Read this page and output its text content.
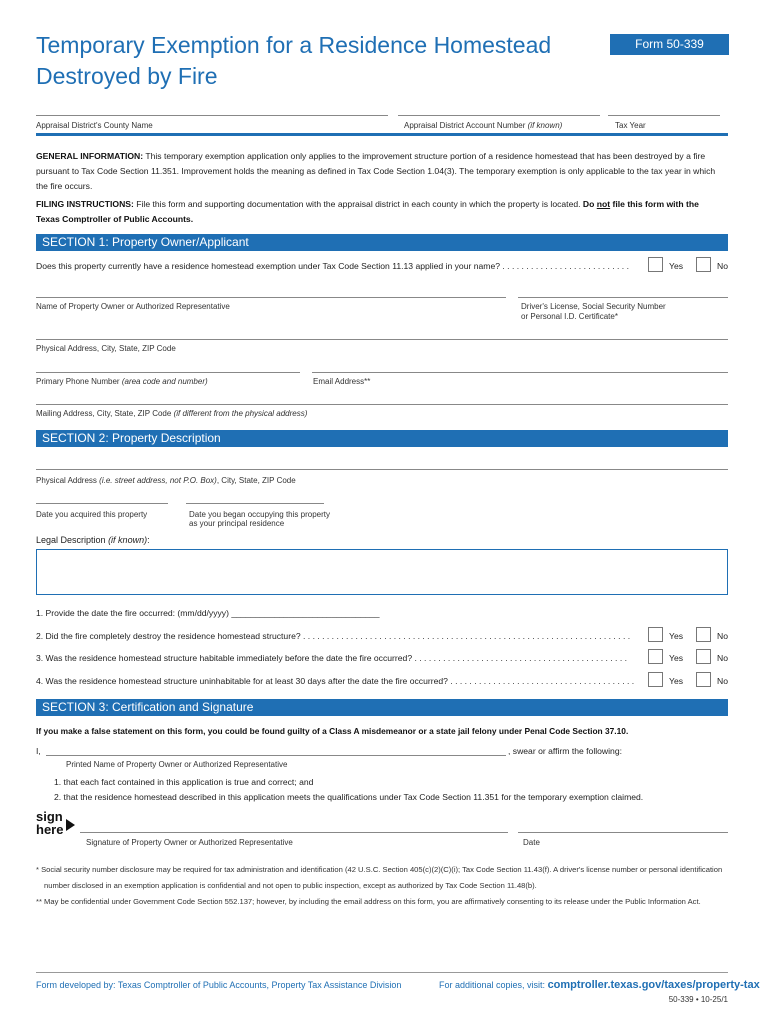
Temporary Exemption for a Residence Homestead
Destroyed by Fire
Form 50-339
Appraisal District's County Name	Appraisal District Account Number (if known)	Tax Year
GENERAL INFORMATION: This temporary exemption application only applies to the improvement structure portion of a residence homestead that has been destroyed by a fire
pursuant to Tax Code Section 11.351. Improvement holds the meaning as defined in Tax Code Section 1.04(3). The temporary exemption is only applicable to the tax year in which
the fire occurs.
FILING INSTRUCTIONS: File this form and supporting documentation with the appraisal district in each county in which the property is located. Do not file this form with the
Texas Comptroller of Public Accounts.
SECTION 1: Property Owner/Applicant
Does this property currently have a residence homestead exemption under Tax Code Section 11.13 applied in your name? . . . . . . . . . . . . . . . . . . . . . . . . . . .	Yes	No
Name of Property Owner or Authorized Representative	Driver's License, Social Security Number
or Personal I.D. Certificate*
Physical Address, City, State, ZIP Code
Primary Phone Number (area code and number)	Email Address**
Mailing Address, City, State, ZIP Code (if different from the physical address)
SECTION 2: Property Description
Physical Address (i.e. street address, not P.O. Box), City, State, ZIP Code
Date you acquired this property	Date you began occupying this property
as your principal residence
Legal Description (if known):
1. Provide the date the fire occurred: (mm/dd/yyyy) _______________________________
2. Did the fire completely destroy the residence homestead structure? . . . . . . . . . . . . . . . . . . . . . . . . . . . . . . . . . . . . . . . . . . . . . . . . . . . . . . . . . . . . . . . . . . . . .	Yes	No
3. Was the residence homestead structure habitable immediately before the date the fire occurred? . . . . . . . . . . . . . . . . . . . . . . . . . . . . . . . . . . . . . . . . . . . . .	Yes	No
4. Was the residence homestead structure uninhabitable for at least 30 days after the date the fire occurred? . . . . . . . . . . . . . . . . . . . . . . . . . . . . . . . . . . . . . . .	Yes	No
SECTION 3: Certification and Signature
If you make a false statement on this form, you could be found guilty of a Class A misdemeanor or a state jail felony under Penal Code Section 37.10.
I,	, swear or affirm the following:
Printed Name of Property Owner or Authorized Representative
1. that each fact contained in this application is true and correct; and
2. that the residence homestead described in this application meets the qualifications under Tax Code Section 11.351 for the temporary exemption claimed.
sign
here
Signature of Property Owner or Authorized Representative	Date
* Social security number disclosure may be required for tax administration and identification (42 U.S.C. Section 405(c)(2)(C)(i); Tax Code Section 11.43(f). A driver's license number or personal identification
number disclosed in an exemption application is confidential and not open to public inspection, except as authorized by Tax Code Section 11.48(b).
** May be confidential under Government Code Section 552.137; however, by including the email address on this form, you are affirmatively consenting to its release under the Public Information Act.
Form developed by: Texas Comptroller of Public Accounts, Property Tax Assistance Division	For additional copies, visit: comptroller.texas.gov/taxes/property-tax
50-339 • 10-25/1
